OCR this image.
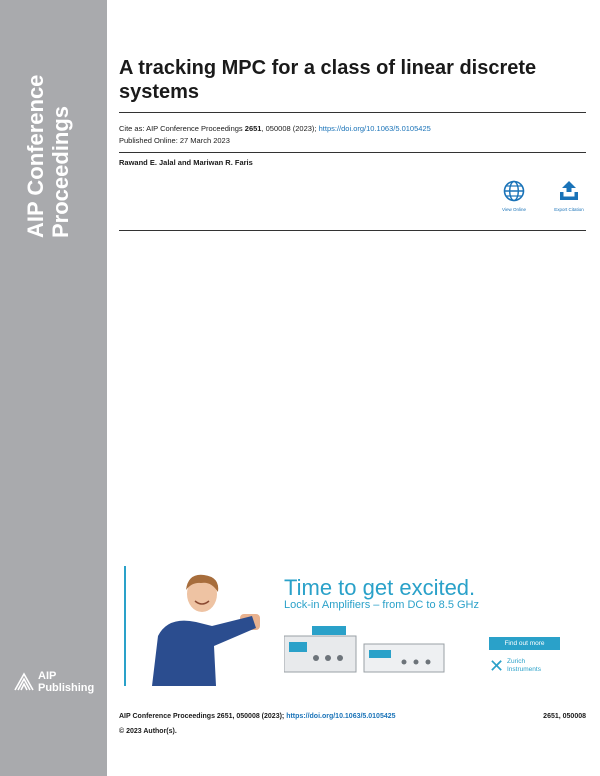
AIP Conference Proceedings
AIP
Publishing
A tracking MPC for a class of linear discrete systems
Cite as: AIP Conference Proceedings 2651, 050008 (2023); https://doi.org/10.1063/5.0105425
Published Online: 27 March 2023
Rawand E. Jalal and Mariwan R. Faris
View Online	Export Citation
Time to get excited.
Lock-in Amplifiers – from DC to 8.5 GHz
Find out more
✕ Zurich
Instruments
AIP Conference Proceedings 2651, 050008 (2023); https://doi.org/10.1063/5.0105425	2651, 050008
© 2023 Author(s).
